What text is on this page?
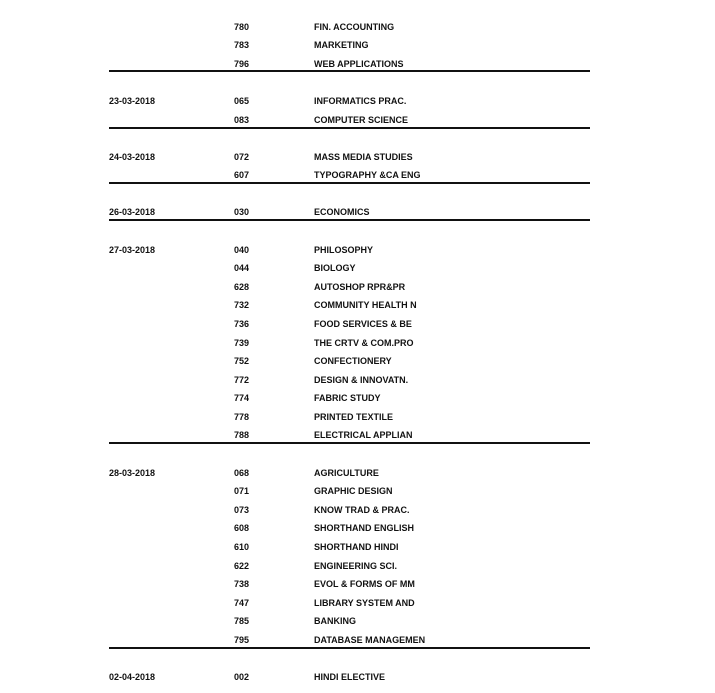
780	FIN. ACCOUNTING
783	MARKETING
796	WEB APPLICATIONS
23-03-2018	065	INFORMATICS PRAC.
083	COMPUTER SCIENCE
24-03-2018	072	MASS MEDIA STUDIES
607	TYPOGRAPHY &CA ENG
26-03-2018	030	ECONOMICS
27-03-2018	040	PHILOSOPHY
044	BIOLOGY
628	AUTOSHOP RPR&PR
732	COMMUNITY HEALTH N
736	FOOD SERVICES & BE
739	THE CRTV & COM.PRO
752	CONFECTIONERY
772	DESIGN & INNOVATN.
774	FABRIC STUDY
778	PRINTED TEXTILE
788	ELECTRICAL APPLIAN
28-03-2018	068	AGRICULTURE
071	GRAPHIC DESIGN
073	KNOW TRAD & PRAC.
608	SHORTHAND ENGLISH
610	SHORTHAND HINDI
622	ENGINEERING SCI.
738	EVOL & FORMS OF MM
747	LIBRARY SYSTEM AND
785	BANKING
795	DATABASE MANAGEMEN
02-04-2018	002	HINDI ELECTIVE
